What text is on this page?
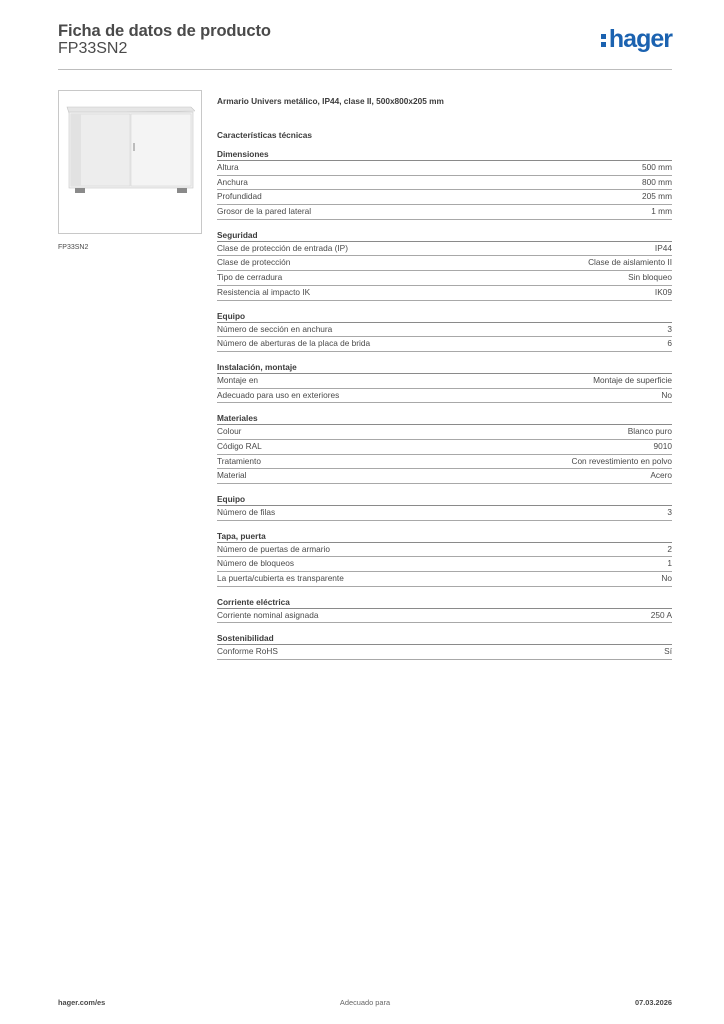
Ficha de datos de producto
FP33SN2	hager
FP33SN2
Armario Univers metálico, IP44, clase II, 500x800x205 mm
Características técnicas
Dimensiones
Altura	500 mm
Anchura	800 mm
Profundidad	205 mm
Grosor de la pared lateral	1 mm
Seguridad
Clase de protección de entrada (IP)	IP44
Clase de protección	Clase de aislamiento II
Tipo de cerradura	Sin bloqueo
Resistencia al impacto IK	IK09
Equipo
Número de sección en anchura	3
Número de aberturas de la placa de brida	6
Instalación, montaje
Montaje en	Montaje de superficie
Adecuado para uso en exteriores	No
Materiales
Colour	Blanco puro
Código RAL	9010
Tratamiento	Con revestimiento en polvo
Material	Acero
Equipo
Número de filas	3
Tapa, puerta
Número de puertas de armario	2
Número de bloqueos	1
La puerta/cubierta es transparente	No
Corriente eléctrica
Corriente nominal asignada	250 A
Sostenibilidad
Conforme RoHS	Sí
hager.com/es	Adecuado para	07.03.2026
